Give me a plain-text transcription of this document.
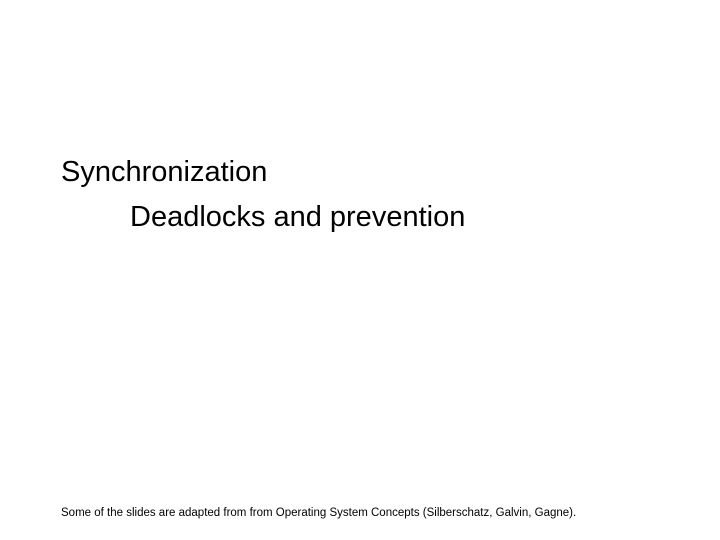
Synchronization
Deadlocks and prevention
Some of the slides are adapted from from Operating System Concepts (Silberschatz, Galvin, Gagne).
